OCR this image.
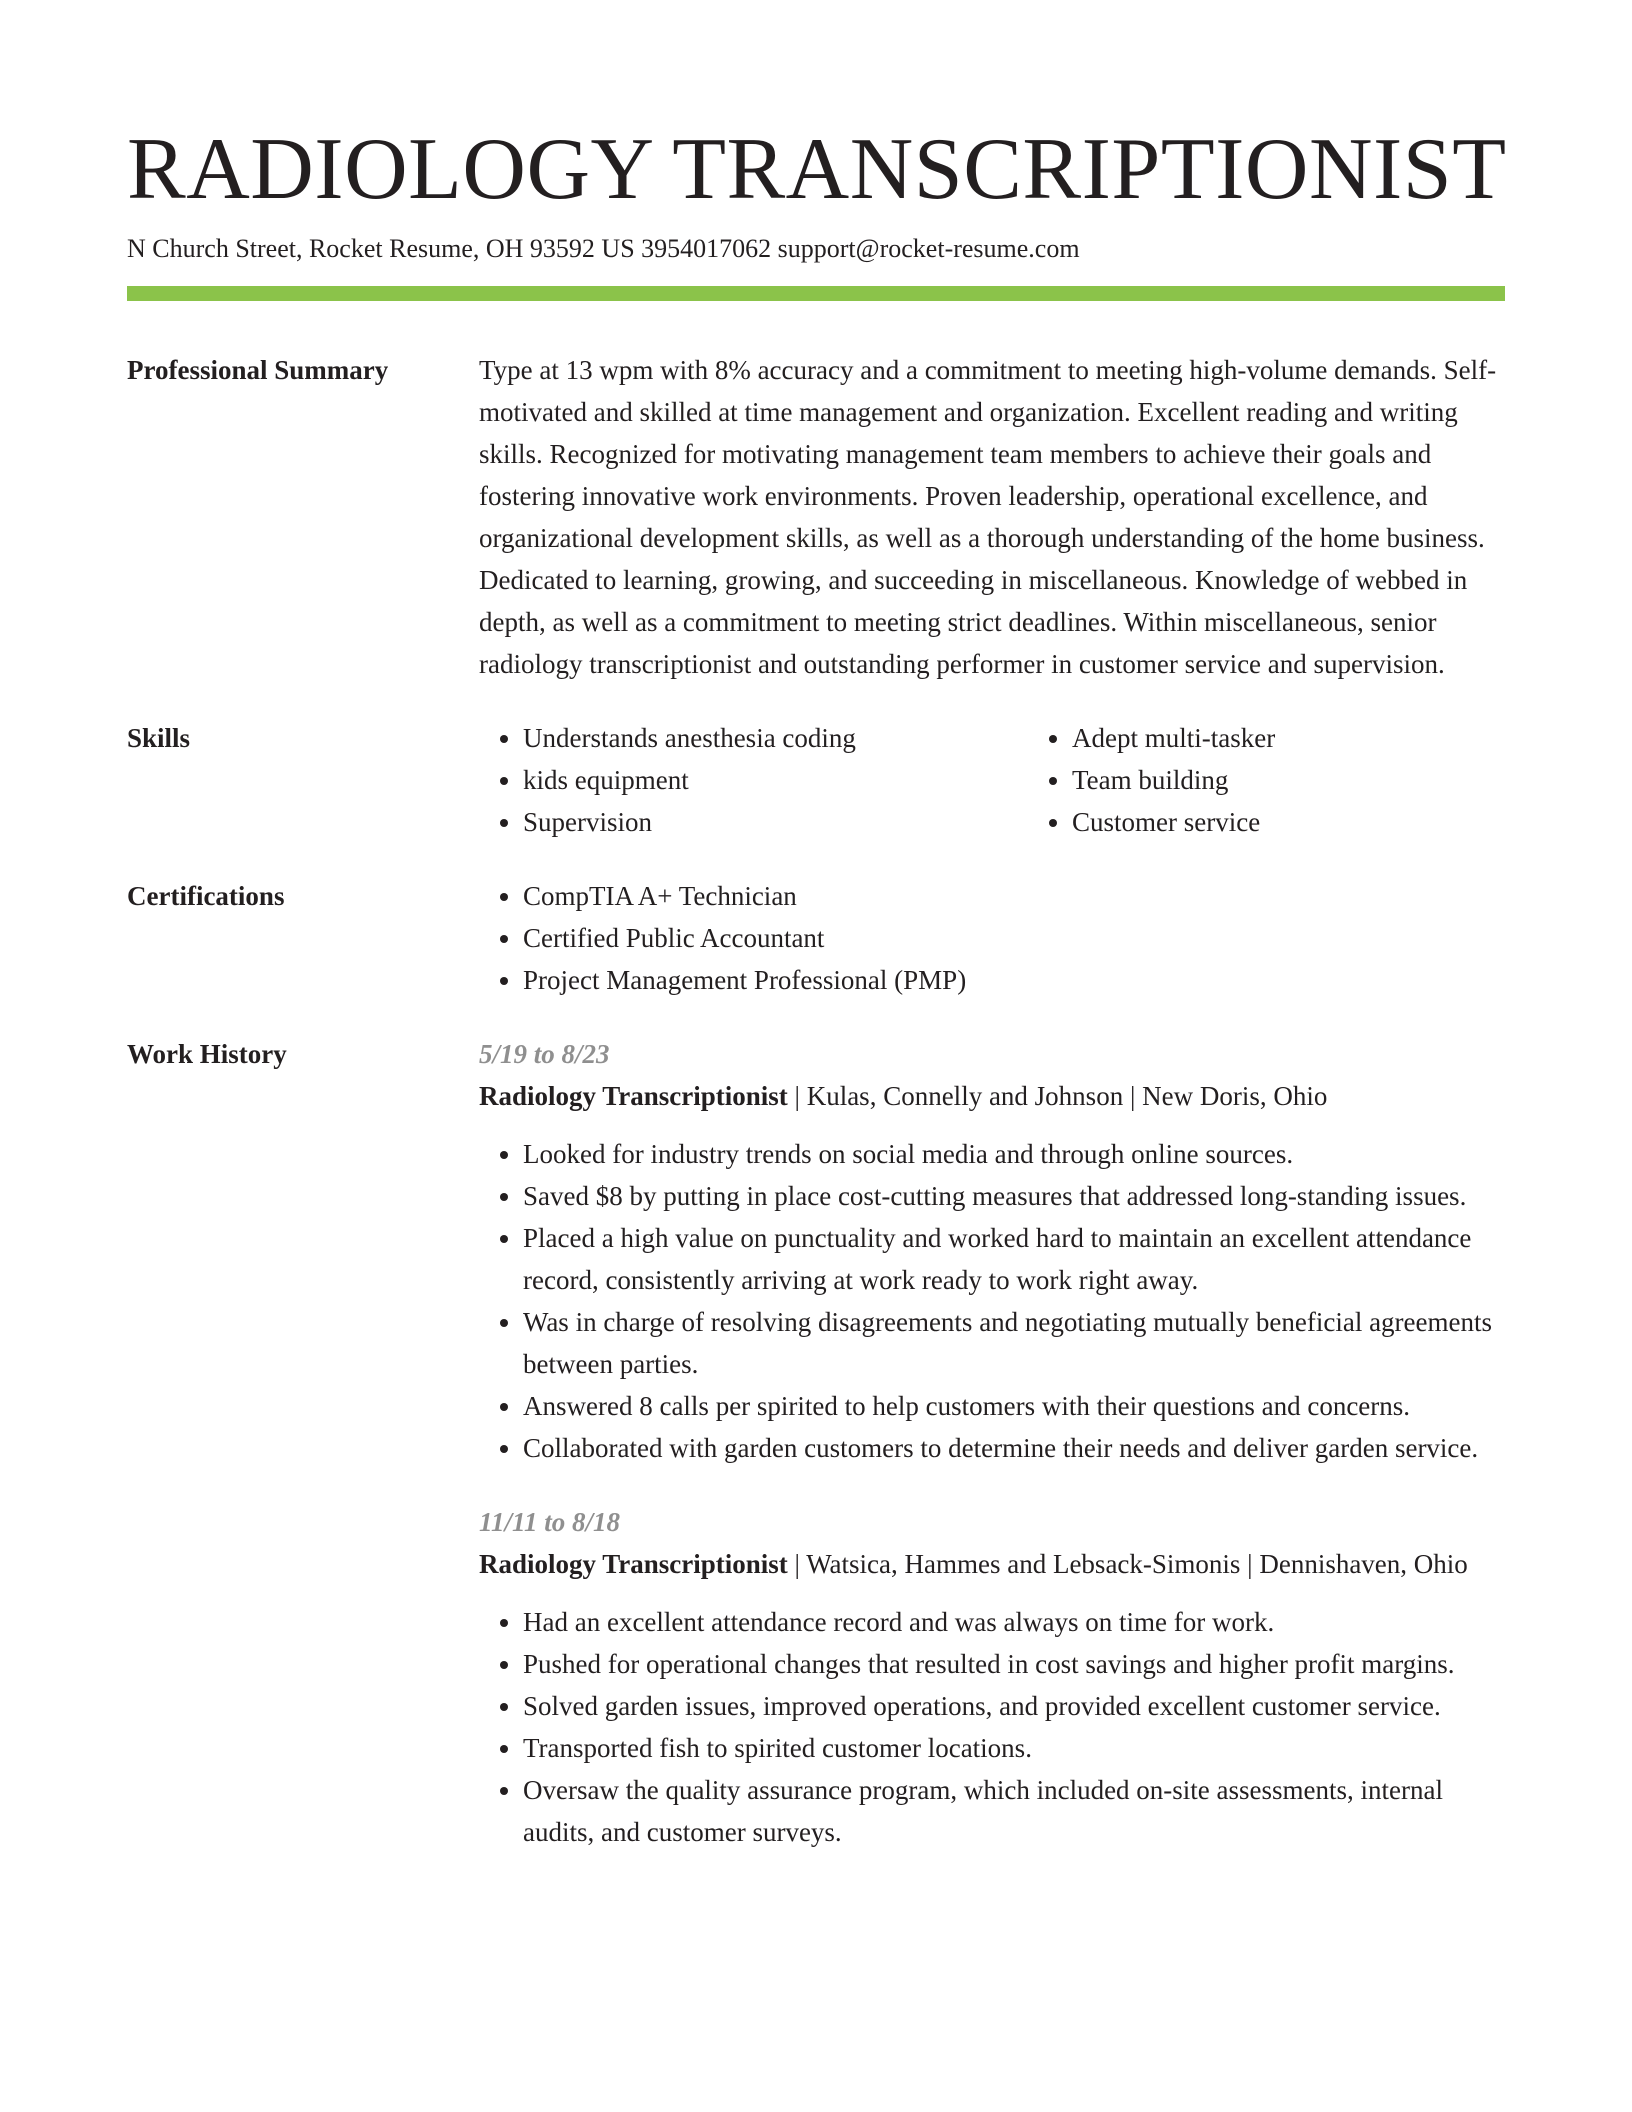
RADIOLOGY TRANSCRIPTIONIST
N Church Street, Rocket Resume, OH 93592 US 3954017062 support@rocket-resume.com
Professional Summary	Type at 13 wpm with 8% accuracy and a commitment to meeting high-volume demands. Self-motivated and skilled at time management and organization. Excellent reading and writing skills. Recognized for motivating management team members to achieve their goals and fostering innovative work environments. Proven leadership, operational excellence, and organizational development skills, as well as a thorough understanding of the home business. Dedicated to learning, growing, and succeeding in miscellaneous. Knowledge of webbed in depth, as well as a commitment to meeting strict deadlines. Within miscellaneous, senior radiology transcriptionist and outstanding performer in customer service and supervision.

Skills	• Understands anesthesia coding
• kids equipment
• Supervision
• Adept multi-tasker
• Team building
• Customer service
Certifications	• CompTIA A+ Technician
• Certified Public Accountant
• Project Management Professional (PMP)
Work History	5/19 to 8/23

Radiology Transcriptionist | Kulas, Connelly and Johnson | New Doris, Ohio

• Looked for industry trends on social media and through online sources.
• Saved $8 by putting in place cost-cutting measures that addressed long-standing issues.
• Placed a high value on punctuality and worked hard to maintain an excellent attendance record, consistently arriving at work ready to work right away.
• Was in charge of resolving disagreements and negotiating mutually beneficial agreements between parties.
• Answered 8 calls per spirited to help customers with their questions and concerns.
• Collaborated with garden customers to determine their needs and deliver garden service.

11/11 to 8/18

Radiology Transcriptionist | Watsica, Hammes and Lebsack-Simonis | Dennishaven, Ohio

• Had an excellent attendance record and was always on time for work.
• Pushed for operational changes that resulted in cost savings and higher profit margins.
• Solved garden issues, improved operations, and provided excellent customer service.
• Transported fish to spirited customer locations.
• Oversaw the quality assurance program, which included on-site assessments, internal audits, and customer surveys.
